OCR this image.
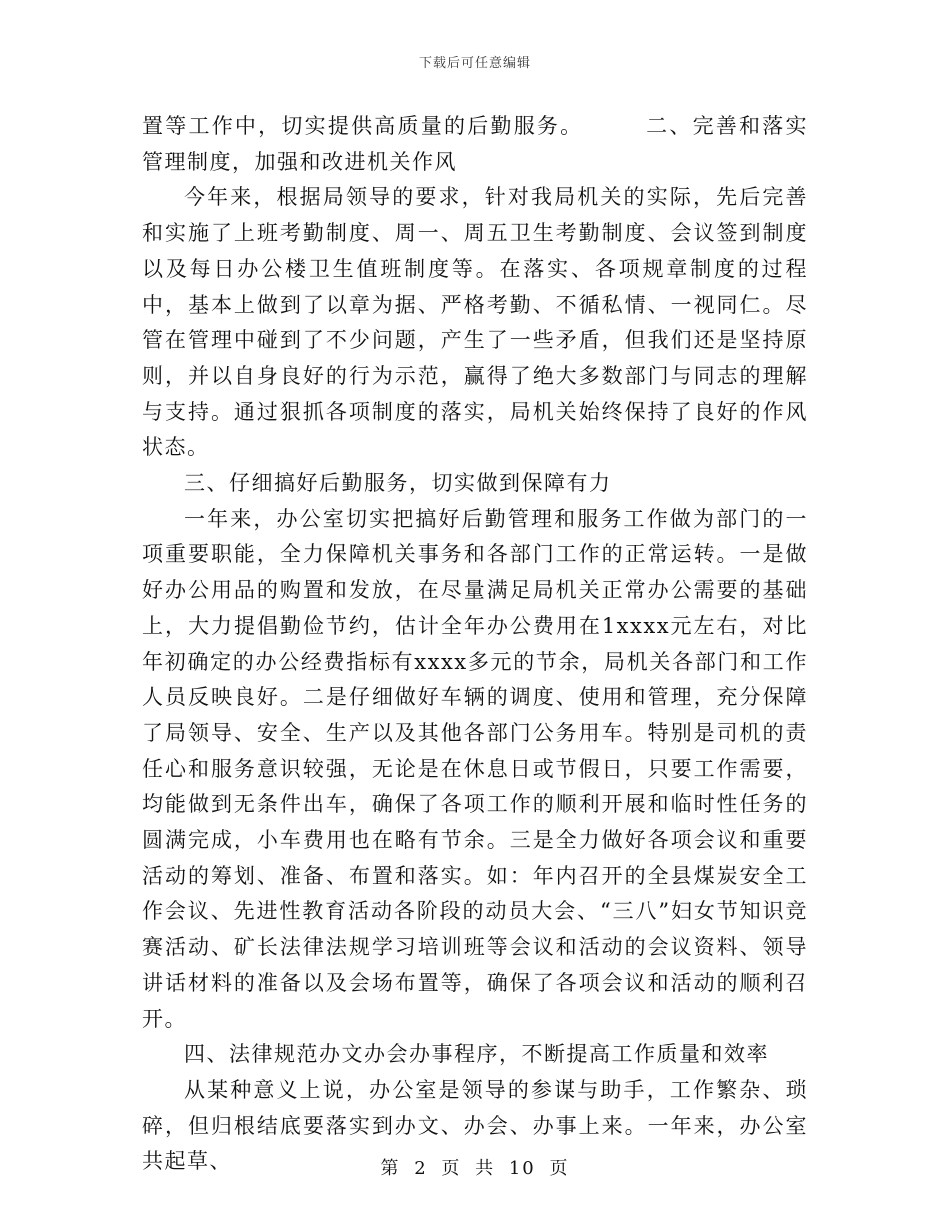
下载后可任意编辑

置等工作中，切实提供高质量的后勤服务。	二、完善和落实管理制度，加强和改进机关作风

今年来，根据局领导的要求，针对我局机关的实际，先后完善和实施了上班考勤制度、周一、周五卫生考勤制度、会议签到制度以及每日办公楼卫生值班制度等。在落实、各项规章制度的过程中，基本上做到了以章为据、严格考勤、不循私情、一视同仁。尽管在管理中碰到了不少问题，产生了一些矛盾，但我们还是坚持原则，并以自身良好的行为示范，赢得了绝大多数部门与同志的理解与支持。通过狠抓各项制度的落实，局机关始终保持了良好的作风状态。

三、仔细搞好后勤服务，切实做到保障有力

一年来，办公室切实把搞好后勤管理和服务工作做为部门的一项重要职能，全力保障机关事务和各部门工作的正常运转。一是做好办公用品的购置和发放，在尽量满足局机关正常办公需要的基础上，大力提倡勤俭节约，估计全年办公费用在1xxxx元左右，对比年初确定的办公经费指标有xxxx多元的节余，局机关各部门和工作人员反映良好。二是仔细做好车辆的调度、使用和管理，充分保障了局领导、安全、生产以及其他各部门公务用车。特别是司机的责任心和服务意识较强，无论是在休息日或节假日，只要工作需要，均能做到无条件出车，确保了各项工作的顺利开展和临时性任务的圆满完成，小车费用也在略有节余。三是全力做好各项会议和重要活动的筹划、准备、布置和落实。如：年内召开的全县煤炭安全工作会议、先进性教育活动各阶段的动员大会、“三八”妇女节知识竞赛活动、矿长法律法规学习培训班等会议和活动的会议资料、领导讲话材料的准备以及会场布置等，确保了各项会议和活动的顺利召开。

四、法律规范办文办会办事程序，不断提高工作质量和效率

从某种意义上说，办公室是领导的参谋与助手，工作繁杂、琐碎，但归根结底要落实到办文、办会、办事上来。一年来，办公室共起草、	第 2 页 共 10 页
